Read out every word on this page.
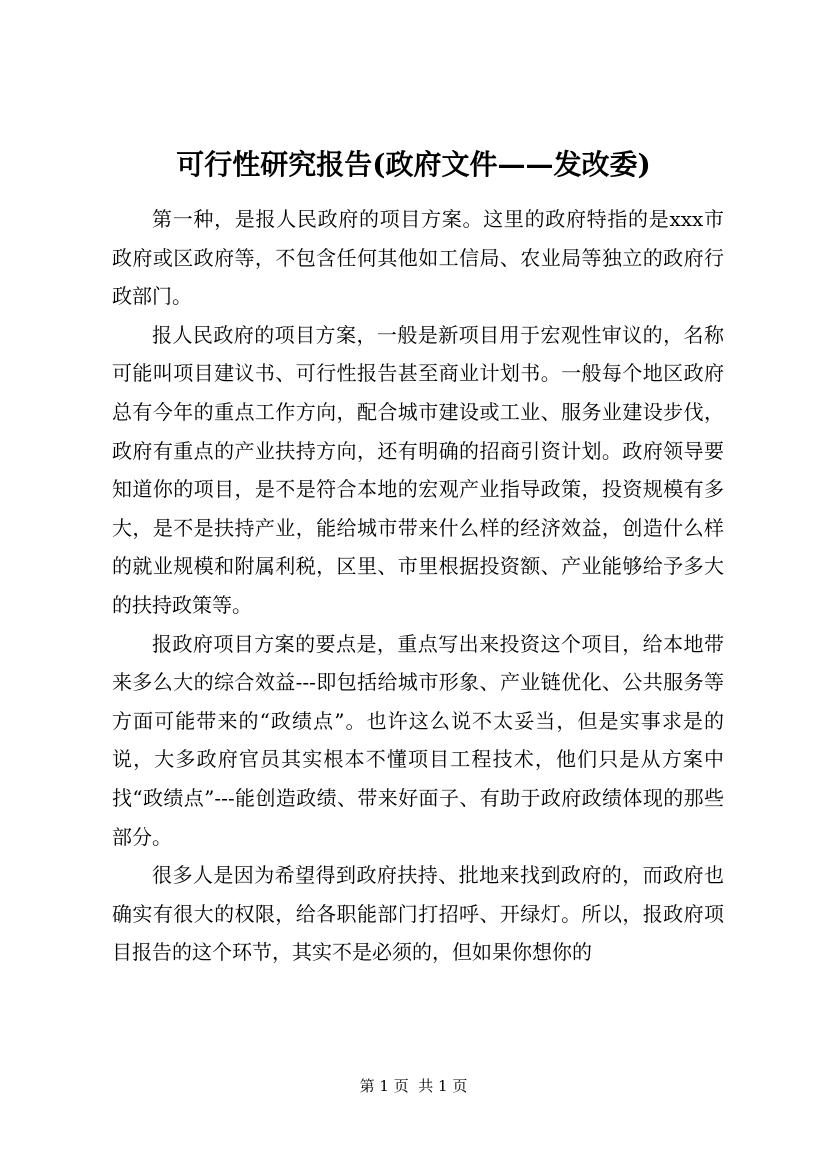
可行性研究报告(政府文件——发改委)

第一种，是报人民政府的项目方案。这里的政府特指的是xxx市政府或区政府等，不包含任何其他如工信局、农业局等独立的政府行政部门。

报人民政府的项目方案，一般是新项目用于宏观性审议的，名称可能叫项目建议书、可行性报告甚至商业计划书。一般每个地区政府总有今年的重点工作方向，配合城市建设或工业、服务业建设步伐，政府有重点的产业扶持方向，还有明确的招商引资计划。政府领导要知道你的项目，是不是符合本地的宏观产业指导政策，投资规模有多大，是不是扶持产业，能给城市带来什么样的经济效益，创造什么样的就业规模和附属利税，区里、市里根据投资额、产业能够给予多大的扶持政策等。

报政府项目方案的要点是，重点写出来投资这个项目，给本地带来多么大的综合效益---即包括给城市形象、产业链优化、公共服务等方面可能带来的“政绩点”。也许这么说不太妥当，但是实事求是的说，大多政府官员其实根本不懂项目工程技术，他们只是从方案中找“政绩点”---能创造政绩、带来好面子、有助于政府政绩体现的那些部分。

很多人是因为希望得到政府扶持、批地来找到政府的，而政府也确实有很大的权限，给各职能部门打招呼、开绿灯。所以，报政府项目报告的这个环节，其实不是必须的，但如果你想你的

第 1 页  共 1 页
